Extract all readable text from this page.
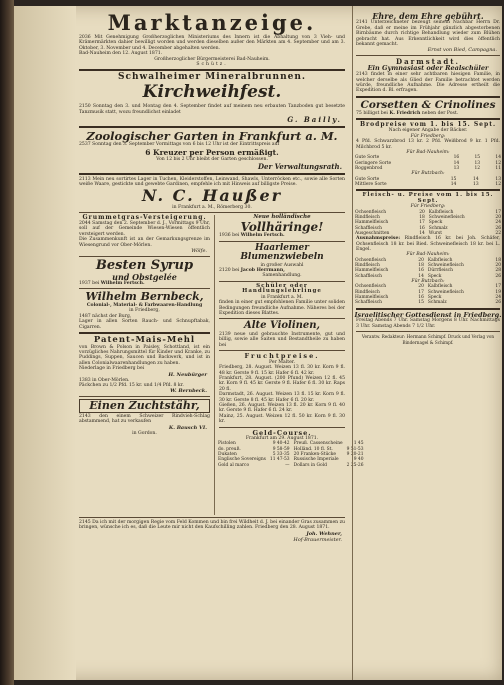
Marktanzeige.
2036 Mit Genehmigung Großherzoglichen Ministeriums des Innern ist die Abhaltung von 3 Vieh- und Krämermärkten dahier bewilligt worden und werden dieselben außer den Märkten am 4. September und am 3. Oktober, 3. November und 4. December abgehalten werden.
Bad-Nauheim den 12. August 1871.
Großherzoglicher Bürgermeisterei Bad-Nauheim.
Schütz.
Schwalheimer Mineralbrunnen.
Kirchweihfest.
2150 Sonntag den 3. und Montag den 4. September findet auf meinem neu erbauten Tanzboden gut besetzte Tanzmusik statt, wozu freundlichst einladet
G. Bailly.
Zoologischer Garten in Frankfurt a. M.
2537 Sonntag den 3. September Vormittags von 6 bis 12 Uhr ist der Eintrittspreis auf
6 Kreuzer per Person ermäßigt.
Von 12 bis 2 Uhr bleibt der Garten geschlossen.
Der Verwaltungsrath.
2113 Mein neu sortirtes Lager in Tuchen, Kleiderstoffen, Leinwand, Shawls, Unterröcken etc., sowie alle Sorten weiße Waare, gestickte und gewebte Gardinen, empfehle ich mit Hinweis auf billigste Preise.
N. C. Haußer
in Frankfurt a. M., Römerberg 30.
Grummetgras-Versteigerung.
2044 Samstag den 2. September d. J., Vormittags 9 Uhr, soll auf der Gemeinde Wiesen-Wiesen öffentlich versteigert werden.
Die Zusammenkunft ist an der Gemarkungsgrenze im Wiesengrund vor Ober-Mörlen.
Wölfe.
Besten Syrup
und Obstgelée
1937 bei Wilhelm Fertsch.
Wilhelm Bernbeck,
Colonial-, Material- & Farbwaaren-Handlung
in Friedberg,
1487 nächst der Burg,
Lager in allen Sorten Rauch- und Schnupftabak, Cigarren.
Patent-Mais-Mehl
von Brown & Polson in Paisley, Schottland, ist ein vorzügliches Nahrungsmittel für Kinder und Kranke, zu Puddings, Suppen, Saucen und Backwerk, und ist in allen Colonialwaarenhandlungen zu haben.
Niederlage in Friedberg bei
H. Neubürger
1383 in Ober-Mörlen.
Päckchen zu 1/2 Pfd. 15 kr. und 1/4 Pfd. 8 kr.
W. Bernbeck.
Einen Zuchtstähr,
2143 den einem Schweizer Rindvieh-Schlag abstammend, hat zu verkaufen
K. Bausch VI.
in Gordon.
Neue holländische
Vollhäringe!
1936 bei Wilhelm Fertsch.
Haarlemer Blumenzwiebeln
in großer Auswahl
2120 bei Jacob Herrmann,
Samenhandlung.
Schüler oder Handlungslehrlinge
in Frankfurt a. M.
finden in einer gut empfohlenen Familie unter soliden Bedingungen freundliche Aufnahme. Näheres bei der Expedition dieses Blattes.
Alte Violinen,
2139 neue und gebrauchte Instrumente, gut und billig, sowie alle Saiten und Bestandtheile zu haben bei
Fruchtpreise.
Per Malter.
Friedberg, 28. August. Weizen 13 fl. 30 kr. Korn 9 fl. 48 kr. Gerste 9 fl. 15 kr. Hafer 6 fl. 42 kr.
Frankfurt, 28. August. (200 Pfund) Weizen 12 fl. 45 kr. Korn 9 fl. 45 kr. Gerste 9 fl. Hafer 6 fl. 30 kr. Raps 20 fl.
Darmstadt, 26. August. Weizen 13 fl. 15 kr. Korn 9 fl. 30 kr. Gerste 8 fl. 45 kr. Hafer 6 fl. 20 kr.
Gießen, 26. August. Weizen 13 fl. 20 kr. Korn 9 fl. 40 kr. Gerste 9 fl. Hafer 6 fl. 24 kr.
Mainz, 25. August. Weizen 12 fl. 50 kr. Korn 9 fl. 30 kr.
Geld-Course.
Frankfurt am 29. August 1871.
Pistolen	9 40-42	Preuß. Cassenscheine	1 45
do. preuß.	9 58-59	Holländ. 10 fl. St.	9 51-53
Dukaten	5 33-35	20 Franken-Stücke	9 20-21
Englische Sovereigns	11 47-53	Russische Imperiale	9 40
Gold al marco	—	Dollars in Gold	2 25-26
2145 Da ich mit der morgigen Regie vom Feld Kommen und bin frei Wildheit d. J. bei einander Gras zusammen zu bringen, wünsche ich es, daß die Leute mir nicht den Kaufschilling zahlen. Friedberg den 28. August 1871.
Joh. Wehner,
Hof-Brauermeister.
Ehre, dem Ehre gebührt.
2141 Unterzeichneter bezeugt seinem Nachbar Herrn Dr. Grebe, daß er meine im Frühjahr gänzlich abgestorbenen Birnbäume durch richtige Behandlung wieder zum Blühen gebracht hat. Aus Erkenntlichkeit wird dies öffentlich bekannt gemacht.
Ernst von Bied, Campagna.
Darmstadt.
Ein Gymnasiast oder Realschüler
2143 findet in einer sehr achtbaren hiesigen Familie, in welcher derselbe als Glied der Familie betrachtet werden würde, freundliche Aufnahme. Die Adresse ertheilt die Expedition d. Bl. erfragen.
Corsetten & Crinolines
75 billigst bei K. Friedrich neben der Post.
Brodpreise vom 1. bis 15. Sept.
Nach eigener Angabe der Bäcker.
Für Friedberg:
4 Pfd. Schwarzbrod 13 kr. 2 Pfd. Weißbrod 9 kr. 1 Pfd. Milchbrod 5 kr.
Für Bad-Nauheim:
Gute Sorte	16	15	14
Geringere Sorte	14	13	12
Roggenbrod	13	12	11
Für Butzbach:
Gute Sorte	15	14	13
Mittlere Sorte	14	13	12
Fleisch- u. Preise vom 1. bis 15. Sept.
Für Friedberg:
Ochsenfleisch	20	Kalbfleisch	17
Rindfleisch	18	Schweinefleisch	20
Hammelfleisch	17	Speck	24
Schaffleisch	16	Schmalz	26
Ausgeschnitten	14	Wurst	22
Ausnahmspreise: Rindfleisch 16 kr. bei Joh. Schäfer, Ochsenfleisch 18 kr. bei Bied. Schweinefleisch 18 kr. bei L. Engel.
Für Bad-Nauheim:
Ochsenfleisch	20	Kalbfleisch	18
Rindfleisch	18	Schweinefleisch	20
Hammelfleisch	16	Dürrfleisch	28
Schaffleisch	14	Speck	26
Für Butzbach:
Ochsenfleisch	20	Kalbfleisch	17
Rindfleisch	17	Schweinefleisch	19
Hammelfleisch	16	Speck	24
Schaffleisch	15	Schmalz	26
Israelitischer Gottesdienst in Friedberg.
Freitag Abends 7 Uhr. Samstag Morgens 8 Uhr. Nachmittags 3 Uhr. Samstag Abends 7 1/2 Uhr.
Verantw. Redakteur: Hermann Schimpf. Druck und Verlag von Bindernagel & Schimpf.
